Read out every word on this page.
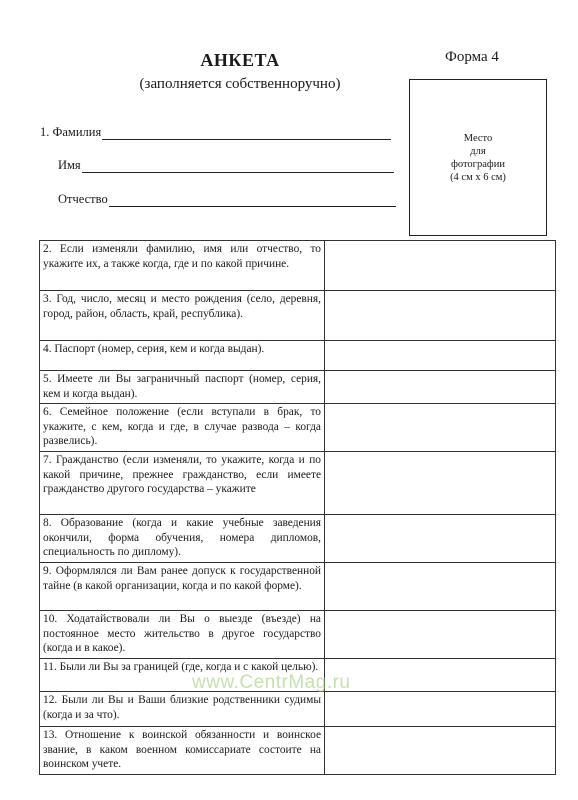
АНКЕТА
(заполняется собственноручно)
Форма 4
Место
для
фотографии
(4 см х 6 см)
1. Фамилия
Имя
Отчество
2. Если изменяли фамилию, имя или отчество, то укажите их, а также когда, где и по какой причине.	
3. Год, число, месяц и место рождения (село, деревня, город, район, область, край, республика).	
4. Паспорт (номер, серия, кем и когда выдан).	
5. Имеете ли Вы заграничный паспорт (номер, серия, кем и когда выдан).	
6. Семейное положение (если вступали в брак, то укажите, с кем, когда и где, в случае развода – когда развелись).	
7. Гражданство (если изменяли, то укажите, когда и по какой причине, прежнее гражданство, если имеете гражданство другого государства – укажите	
8. Образование (когда и какие учебные заведения окончили, форма обучения, номера дипломов, специальность по диплому).	
9. Оформлялся ли Вам ранее допуск к государственной тайне (в какой организации, когда и по какой форме).	
10. Ходатайствовали ли Вы о выезде (въезде) на постоянное место жительство в другое государство (когда и в какое).	
11. Были ли Вы за границей (где, когда и с какой целью).	
12. Были ли Вы и Ваши близкие родственники судимы (когда и за что).	
13. Отношение к воинской обязанности и воинское звание, в каком военном комиссариате состоите на воинском учете.	
www.CentrMag.ru
